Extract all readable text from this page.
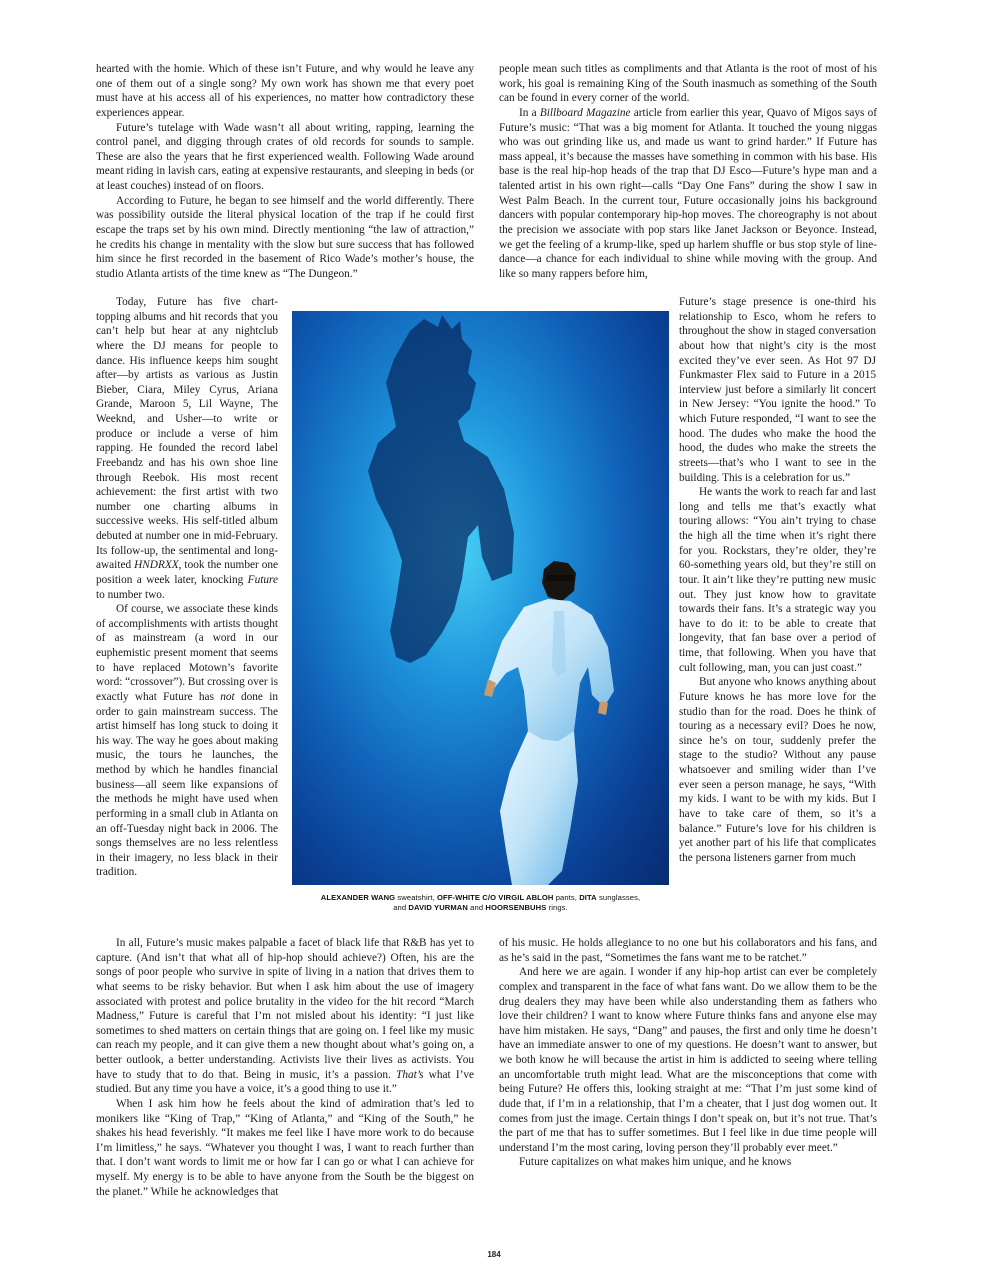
hearted with the homie. Which of these isn’t Future, and why would he leave any one of them out of a single song? My own work has shown me that every poet must have at his access all of his experiences, no matter how contradictory these experiences appear.

Future’s tutelage with Wade wasn’t all about writing, rapping, learning the control panel, and digging through crates of old records for sounds to sample. These are also the years that he first experienced wealth. Following Wade around meant riding in lavish cars, eating at expensive restaurants, and sleeping in beds (or at least couches) instead of on floors.

According to Future, he began to see himself and the world differently. There was possibility outside the literal physical location of the trap if he could first escape the traps set by his own mind. Directly mentioning “the law of attraction,” he credits his change in mentality with the slow but sure success that has followed him since he first recorded in the basement of Rico Wade’s mother’s house, the studio Atlanta artists of the time knew as “The Dungeon.”

Today, Future has five chart-topping albums and hit records that you can’t help but hear at any nightclub where the DJ means for people to dance. His influence keeps him sought after—by artists as various as Justin Bieber, Ciara, Miley Cyrus, Ariana Grande, Maroon 5, Lil Wayne, The Weeknd, and Usher—to write or produce or include a verse of him rapping. He founded the record label Freebandz and has his own shoe line through Reebok. His most recent achievement: the first artist with two number one charting albums in successive weeks. His self-titled album debuted at number one in mid-February. Its follow-up, the sentimental and long-awaited HNDRXX, took the number one position a week later, knocking Future to number two.

Of course, we associate these kinds of accomplishments with artists thought of as mainstream (a word in our euphemistic present moment that seems to have replaced Motown’s favorite word: “crossover”). But crossing over is exactly what Future has not done in order to gain mainstream success. The artist himself has long stuck to doing it his way. The way he goes about making music, the tours he launches, the method by which he handles financial business—all seem like expansions of the methods he might have used when performing in a small club in Atlanta on an off-Tuesday night back in 2006. The songs themselves are no less relentless in their imagery, no less black in their tradition.

In all, Future’s music makes palpable a facet of black life that R&B has yet to capture. (And isn’t that what all of hip-hop should achieve?) Often, his are the songs of poor people who survive in spite of living in a nation that drives them to what seems to be risky behavior. But when I ask him about the use of imagery associated with protest and police brutality in the video for the hit record “March Madness,” Future is careful that I’m not misled about his identity: “I just like sometimes to shed matters on certain things that are going on. I feel like my music can reach my people, and it can give them a new thought about what’s going on, a better outlook, a better understanding. Activists live their lives as activists. You have to study that to do that. Being in music, it’s a passion. That’s what I’ve studied. But any time you have a voice, it’s a good thing to use it.”

When I ask him how he feels about the kind of admiration that’s led to monikers like “King of Trap,” “King of Atlanta,” and “King of the South,” he shakes his head feverishly. “It makes me feel like I have more work to do because I’m limitless,” he says. “Whatever you thought I was, I want to reach further than that. I don’t want words to limit me or how far I can go or what I can achieve for myself. My energy is to be able to have anyone from the South be the biggest on the planet.” While he acknowledges that

people mean such titles as compliments and that Atlanta is the root of most of his work, his goal is remaining King of the South inasmuch as something of the South can be found in every corner of the world.

In a Billboard Magazine article from earlier this year, Quavo of Migos says of Future’s music: “That was a big moment for Atlanta. It touched the young niggas who was out grinding like us, and made us want to grind harder.” If Future has mass appeal, it’s because the masses have something in common with his base. His base is the real hip-hop heads of the trap that DJ Esco—Future’s hype man and a talented artist in his own right—calls “Day One Fans” during the show I saw in West Palm Beach. In the current tour, Future occasionally joins his background dancers with popular contemporary hip-hop moves. The choreography is not about the precision we associate with pop stars like Janet Jackson or Beyonce. Instead, we get the feeling of a krump-like, sped up harlem shuffle or bus stop style of line-dance—a chance for each individual to shine while moving with the group. And like so many rappers before him,

Future’s stage presence is one-third his relationship to Esco, whom he refers to throughout the show in staged conversation about how that night’s city is the most excited they’ve ever seen. As Hot 97 DJ Funkmaster Flex said to Future in a 2015 interview just before a similarly lit concert in New Jersey: “You ignite the hood.” To which Future responded, “I want to see the hood. The dudes who make the hood the hood, the dudes who make the streets the streets—that’s who I want to see in the building. This is a celebration for us.”

He wants the work to reach far and last long and tells me that’s exactly what touring allows: “You ain’t trying to chase the high all the time when it’s right there for you. Rockstars, they’re older, they’re 60-something years old, but they’re still on tour. It ain’t like they’re putting new music out. They just know how to gravitate towards their fans. It’s a strategic way you have to do it: to be able to create that longevity, that fan base over a period of time, that following. When you have that cult following, man, you can just coast.”

But anyone who knows anything about Future knows he has more love for the studio than for the road. Does he think of touring as a necessary evil? Does he now, since he’s on tour, suddenly prefer the stage to the studio? Without any pause whatsoever and smiling wider than I’ve ever seen a person manage, he says, “With my kids. I want to be with my kids. But I have to take care of them, so it’s a balance.” Future’s love for his children is yet another part of his life that complicates the persona listeners garner from much

of his music. He holds allegiance to no one but his collaborators and his fans, and as he’s said in the past, “Sometimes the fans want me to be ratchet.”

And here we are again. I wonder if any hip-hop artist can ever be completely complex and transparent in the face of what fans want. Do we allow them to be the drug dealers they may have been while also understanding them as fathers who love their children? I want to know where Future thinks fans and anyone else may have him mistaken. He says, “Dang” and pauses, the first and only time he doesn’t have an immediate answer to one of my questions. He doesn’t want to answer, but we both know he will because the artist in him is addicted to seeing where telling an uncomfortable truth might lead. What are the misconceptions that come with being Future? He offers this, looking straight at me: “That I’m just some kind of dude that, if I’m in a relationship, that I’m a cheater, that I just dog women out. It comes from just the image. Certain things I don’t speak on, but it’s not true. That’s the part of me that has to suffer sometimes. But I feel like in due time people will understand I’m the most caring, loving person they’ll probably ever meet.”

Future capitalizes on what makes him unique, and he knows

ALEXANDER WANG sweatshirt, OFF-WHITE C/O VIRGIL ABLOH pants, DITA sunglasses,
and DAVID YURMAN and HOORSENBUHS rings.
184
